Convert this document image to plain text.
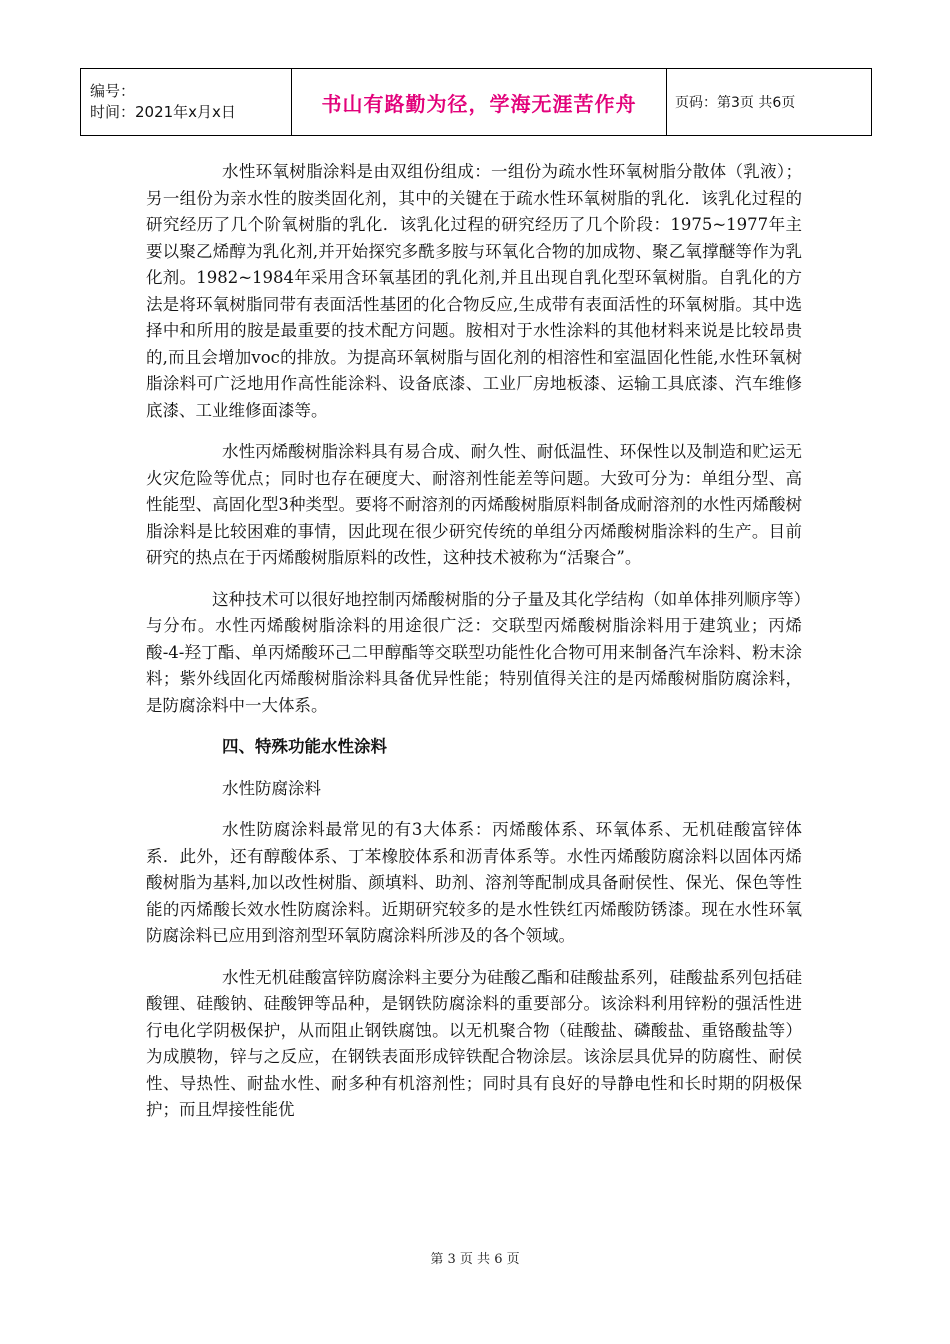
编号：
时间：2021年x月x日	书山有路勤为径，学海无涯苦作舟	页码：第3页 共6页

水性环氧树脂涂料是由双组份组成：一组份为疏水性环氧树脂分散体（乳液）；另一组份为亲水性的胺类固化剂，其中的关键在于疏水性环氧树脂的乳化．该乳化过程的研究经历了几个阶氧树脂的乳化．该乳化过程的研究经历了几个阶段：1975~1977年主要以聚乙烯醇为乳化剂,并开始探究多酰多胺与环氧化合物的加成物、聚乙氧撑醚等作为乳化剂。1982~1984年采用含环氧基团的乳化剂,并且出现自乳化型环氧树脂。自乳化的方法是将环氧树脂同带有表面活性基团的化合物反应,生成带有表面活性的环氧树脂。其中选择中和所用的胺是最重要的技术配方问题。胺相对于水性涂料的其他材料来说是比较昂贵的,而且会增加voc的排放。为提高环氧树脂与固化剂的相溶性和室温固化性能,水性环氧树脂涂料可广泛地用作高性能涂料、设备底漆、工业厂房地板漆、运输工具底漆、汽车维修底漆、工业维修面漆等。

水性丙烯酸树脂涂料具有易合成、耐久性、耐低温性、环保性以及制造和贮运无火灾危险等优点；同时也存在硬度大、耐溶剂性能差等问题。大致可分为：单组分型、高性能型、高固化型3种类型。要将不耐溶剂的丙烯酸树脂原料制备成耐溶剂的水性丙烯酸树脂涂料是比较困难的事情，因此现在很少研究传统的单组分丙烯酸树脂涂料的生产。目前研究的热点在于丙烯酸树脂原料的改性，这种技术被称为“活聚合”。

这种技术可以很好地控制丙烯酸树脂的分子量及其化学结构（如单体排列顺序等）与分布。水性丙烯酸树脂涂料的用途很广泛：交联型丙烯酸树脂涂料用于建筑业；丙烯酸-4-羟丁酯、单丙烯酸环己二甲醇酯等交联型功能性化合物可用来制备汽车涂料、粉末涂料；紫外线固化丙烯酸树脂涂料具备优异性能；特别值得关注的是丙烯酸树脂防腐涂料，是防腐涂料中一大体系。

四、特殊功能水性涂料

水性防腐涂料

水性防腐涂料最常见的有3大体系：丙烯酸体系、环氧体系、无机硅酸富锌体系．此外，还有醇酸体系、丁苯橡胶体系和沥青体系等。水性丙烯酸防腐涂料以固体丙烯酸树脂为基料,加以改性树脂、颜填料、助剂、溶剂等配制成具备耐侯性、保光、保色等性能的丙烯酸长效水性防腐涂料。近期研究较多的是水性铁红丙烯酸防锈漆。现在水性环氧防腐涂料已应用到溶剂型环氧防腐涂料所涉及的各个领域。

水性无机硅酸富锌防腐涂料主要分为硅酸乙酯和硅酸盐系列，硅酸盐系列包括硅酸锂、硅酸钠、硅酸钾等品种，是钢铁防腐涂料的重要部分。该涂料利用锌粉的强活性进行电化学阴极保护，从而阻止钢铁腐蚀。以无机聚合物（硅酸盐、磷酸盐、重铬酸盐等）为成膜物，锌与之反应，在钢铁表面形成锌铁配合物涂层。该涂层具优异的防腐性、耐侯性、导热性、耐盐水性、耐多种有机溶剂性；同时具有良好的导静电性和长时期的阴极保护；而且焊接性能优

第 3 页 共 6 页
